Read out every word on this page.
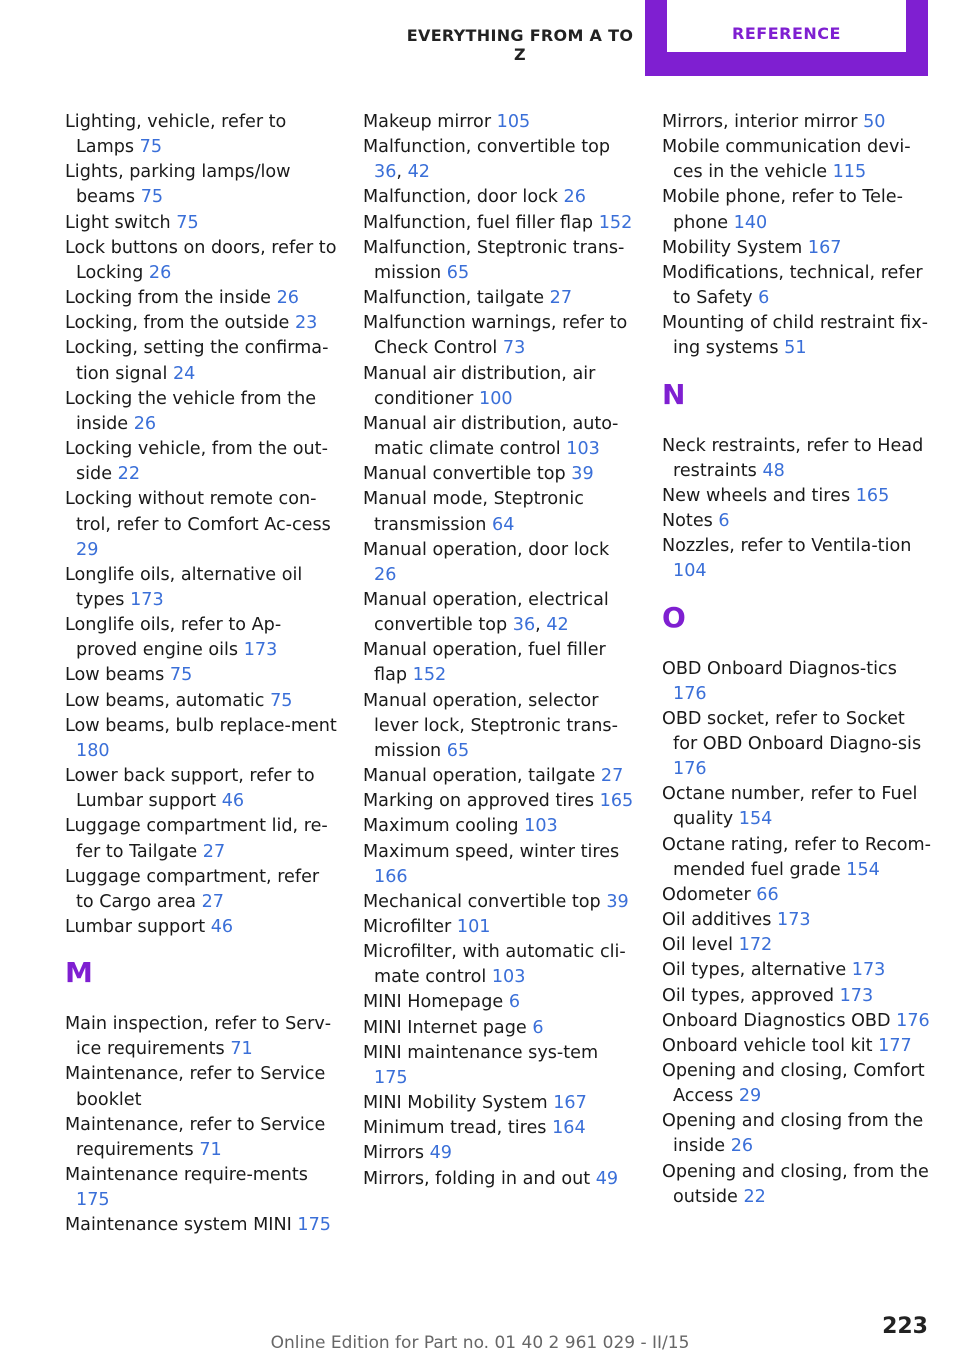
EVERYTHING FROM A TO Z
REFERENCE
Lighting, vehicle, refer to Lamps 75
Lights, parking lamps/low beams 75
Light switch 75
Lock buttons on doors, refer to Locking 26
Locking from the inside 26
Locking, from the outside 23
Locking, setting the confirma‐tion signal 24
Locking the vehicle from the inside 26
Locking vehicle, from the out‐side 22
Locking without remote con‐trol, refer to Comfort Ac‐cess 29
Longlife oils, alternative oil types 173
Longlife oils, refer to Ap‐proved engine oils 173
Low beams 75
Low beams, automatic 75
Low beams, bulb replace‐ment 180
Lower back support, refer to Lumbar support 46
Luggage compartment lid, re‐fer to Tailgate 27
Luggage compartment, refer to Cargo area 27
Lumbar support 46
M
Main inspection, refer to Serv‐ice requirements 71
Maintenance, refer to Service booklet
Maintenance, refer to Service requirements 71
Maintenance require‐ments 175
Maintenance system MINI 175
Makeup mirror 105
Malfunction, convertible top 36, 42
Malfunction, door lock 26
Malfunction, fuel filler flap 152
Malfunction, Steptronic trans‐mission 65
Malfunction, tailgate 27
Malfunction warnings, refer to Check Control 73
Manual air distribution, air conditioner 100
Manual air distribution, auto‐matic climate control 103
Manual convertible top 39
Manual mode, Steptronic transmission 64
Manual operation, door lock 26
Manual operation, electrical convertible top 36, 42
Manual operation, fuel filler flap 152
Manual operation, selector lever lock, Steptronic trans‐mission 65
Manual operation, tailgate 27
Marking on approved tires 165
Maximum cooling 103
Maximum speed, winter tires 166
Mechanical convertible top 39
Microfilter 101
Microfilter, with automatic cli‐mate control 103
MINI Homepage 6
MINI Internet page 6
MINI maintenance sys‐tem 175
MINI Mobility System 167
Minimum tread, tires 164
Mirrors 49
Mirrors, folding in and out 49
Mirrors, interior mirror 50
Mobile communication devi‐ces in the vehicle 115
Mobile phone, refer to Tele‐phone 140
Mobility System 167
Modifications, technical, refer to Safety 6
Mounting of child restraint fix‐ing systems 51
N
Neck restraints, refer to Head restraints 48
New wheels and tires 165
Notes 6
Nozzles, refer to Ventila‐tion 104
O
OBD Onboard Diagnos‐tics 176
OBD socket, refer to Socket for OBD Onboard Diagno‐sis 176
Octane number, refer to Fuel quality 154
Octane rating, refer to Recom‐mended fuel grade 154
Odometer 66
Oil additives 173
Oil level 172
Oil types, alternative 173
Oil types, approved 173
Onboard Diagnostics OBD 176
Onboard vehicle tool kit 177
Opening and closing, Comfort Access 29
Opening and closing from the inside 26
Opening and closing, from the outside 22
223
Online Edition for Part no. 01 40 2 961 029 - II/15
